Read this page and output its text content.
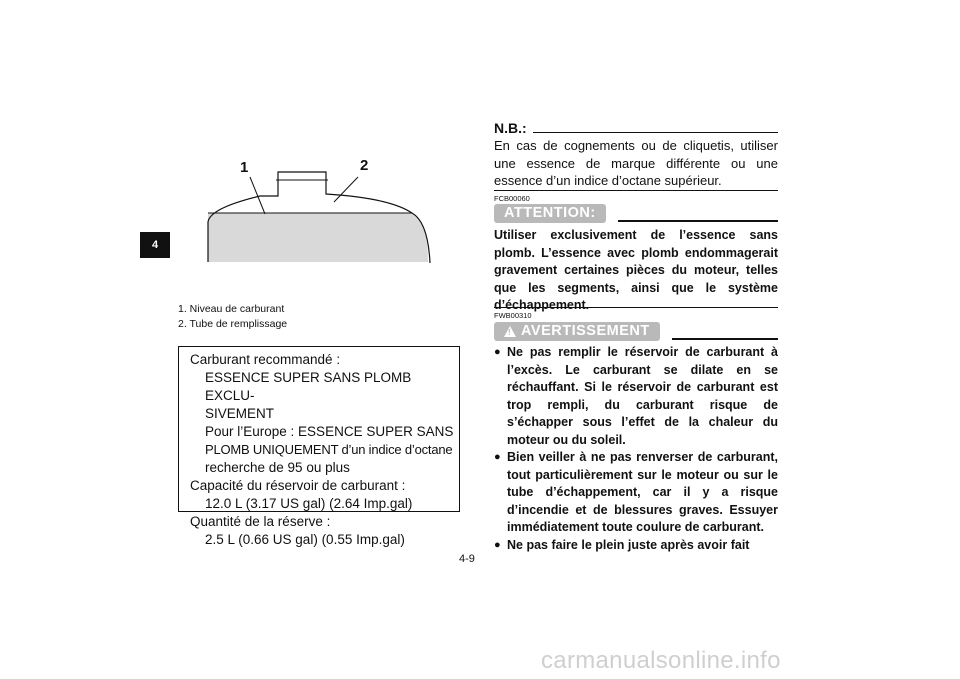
4
1	2
1. Niveau de carburant
2. Tube de remplissage
Carburant recommandé :
ESSENCE SUPER SANS PLOMB EXCLU-
SIVEMENT
Pour l’Europe : ESSENCE SUPER SANS
PLOMB UNIQUEMENT d’un indice d’octane
recherche de 95 ou plus
Capacité du réservoir de carburant :
12.0 L (3.17 US gal) (2.64 Imp.gal)
Quantité de la réserve :
2.5 L (0.66 US gal) (0.55 Imp.gal)
N.B.:
En cas de cognements ou de cliquetis, utiliser une essence de marque différente ou une essence d’un indice d’octane supérieur.
FCB00060
ATTENTION:
Utiliser exclusivement de l’essence sans plomb. L’essence avec plomb endommagerait gravement certaines pièces du moteur, telles que les segments, ainsi que le système d’échappement.
FWB00310
! AVERTISSEMENT
● Ne pas remplir le réservoir de carburant à l’excès. Le carburant se dilate en se réchauffant. Si le réservoir de carburant est trop rempli, du carburant risque de s’échapper sous l’effet de la chaleur du moteur ou du soleil.
● Bien veiller à ne pas renverser de carburant, tout particulièrement sur le moteur ou sur le tube d’échappement, car il y a risque d’incendie et de blessures graves. Essuyer immédiatement toute coulure de carburant.
● Ne pas faire le plein juste après avoir fait
4-9
carmanualsonline.info
